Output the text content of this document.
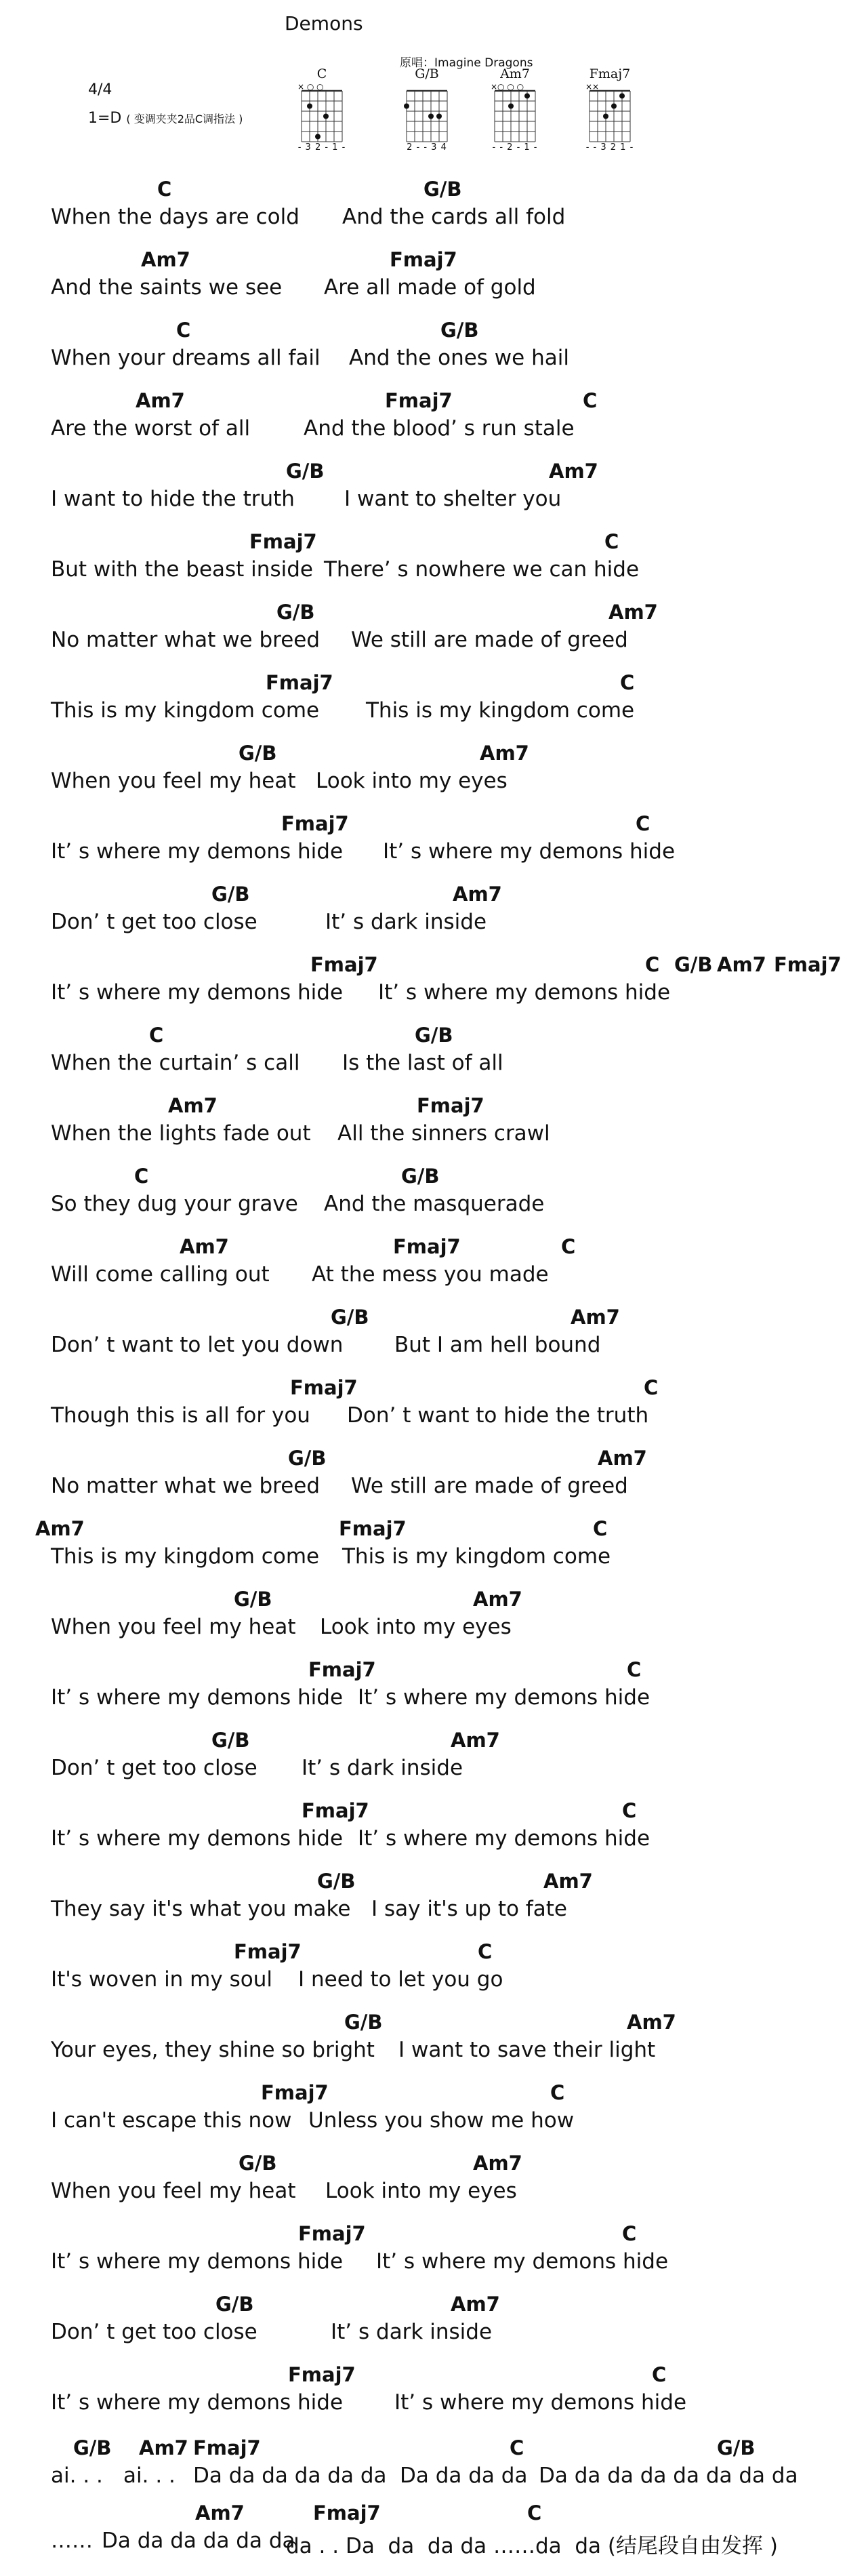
Demons
原唱：Imagine Dragons
4/4
1=D ( 变调夹夹2品C调指法 )
C
× ○ ○
- 3 2 - 1 -
G/B
2 - - 3 4
Am7
×○ ○ ○
- - 2 - 1 -
Fmaj7
××
- - 3 2 1 -
C	G/B
When the days are cold And the cards all fold
Am7	Fmaj7
And the saints we see Are all made of gold
C	G/B
When your dreams all fail And the ones we hail
Am7	Fmaj7	C
Are the worst of all	And the blood’ s run stale
G/B	Am7
I want to hide the truth I want to shelter you
Fmaj7	C
But with the beast inside There’ s nowhere we can hide
G/B	Am7
No matter what we breed We still are made of greed
Fmaj7	C
This is my kingdom come This is my kingdom come
G/B	Am7
When you feel my heat Look into my eyes
Fmaj7	C
It’ s where my demons hide It’ s where my demons hide
G/B	Am7
Don’ t get too close	It’ s dark inside
Fmaj7	C G/B Am7 Fmaj7
It’ s where my demons hide It’ s where my demons hide
C	G/B
When the curtain’ s call Is the last of all
Am7	Fmaj7
When the lights fade out All the sinners crawl
C	G/B
So they dug your grave And the masquerade
Am7	Fmaj7	C
Will come calling out At the mess you made
G/B	Am7
Don’ t want to let you down But I am hell bound
Fmaj7	C
Though this is all for you Don’ t want to hide the truth
G/B	Am7
No matter what we breed We still are made of greed
Am7	Fmaj7	C
This is my kingdom come This is my kingdom come
G/B	Am7
When you feel my heat Look into my eyes
Fmaj7	C
It’ s where my demons hide It’ s where my demons hide
G/B	Am7
Don’ t get too close It’ s dark inside
Fmaj7	C
It’ s where my demons hide It’ s where my demons hide
G/B	Am7
They say it's what you make I say it's up to fate
Fmaj7	C
It's woven in my soul I need to let you go
G/B	Am7
Your eyes, they shine so bright I want to save their light
Fmaj7	C
I can't escape this now Unless you show me how
G/B	Am7
When you feel my heat Look into my eyes
Fmaj7	C
It’ s where my demons hide It’ s where my demons hide
G/B	Am7
Don’ t get too close	It’ s dark inside
Fmaj7	C
It’ s where my demons hide It’ s where my demons hide
G/B Am7 Fmaj7	C	G/B
ai. . . ai. . . Da da da da da da Da da da da Da da da da da da da da
Am7	Fmaj7	C
…… Da da da da da da
da . . Da  da  da da ……da  da (结尾段自由发挥 )
